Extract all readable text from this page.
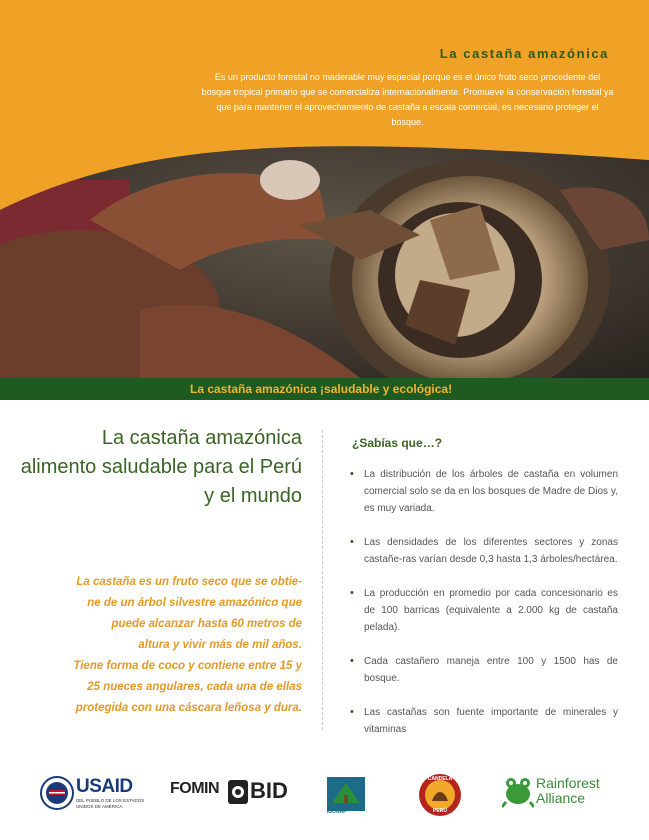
La castaña amazónica
Es un producto forestal no maderable muy especial porque es el único fruto seco procedente del bosque tropical primario que se comercializa internacionalmente. Promueve la conservación forestal ya que para mantener el aprovechamiento de castaña a escala comercial, es necesario proteger el bosque.
La castaña amazónica ¡saludable y ecológica!
La castaña amazónica
alimento saludable para el Perú
y el mundo
La castaña es un fruto seco que se obtie-
ne de un árbol silvestre amazónico que
puede alcanzar hasta 60 metros de
altura y vivir más de mil años.
Tiene forma de coco y contiene entre 15 y
25 nueces angulares, cada una de ellas
protegida con una cáscara leñosa y dura.
¿Sabías que…?
• La distribución de los árboles de castaña en volumen comercial solo se da en los bosques de Madre de Dios y, es muy variada.
• Las densidades de los diferentes sectores y zonas castañe-ras varían desde 0,3 hasta 1,3 árboles/hectárea.
• La producción en promedio por cada concesionario es de 100 barricas (equivalente a 2.000 kg de castaña pelada).
• Cada castañero maneja entre 100 y 1500 has de bosque.
• Las castañas son fuente importante de minerales y vitaminas
USAID
DEL PUEBLO DE LOS ESTADOS
UNIDOS DE AMÉRICA
FOMIN BID
IBONAP
CANDELA
PERÚ
Rainforest
Alliance
